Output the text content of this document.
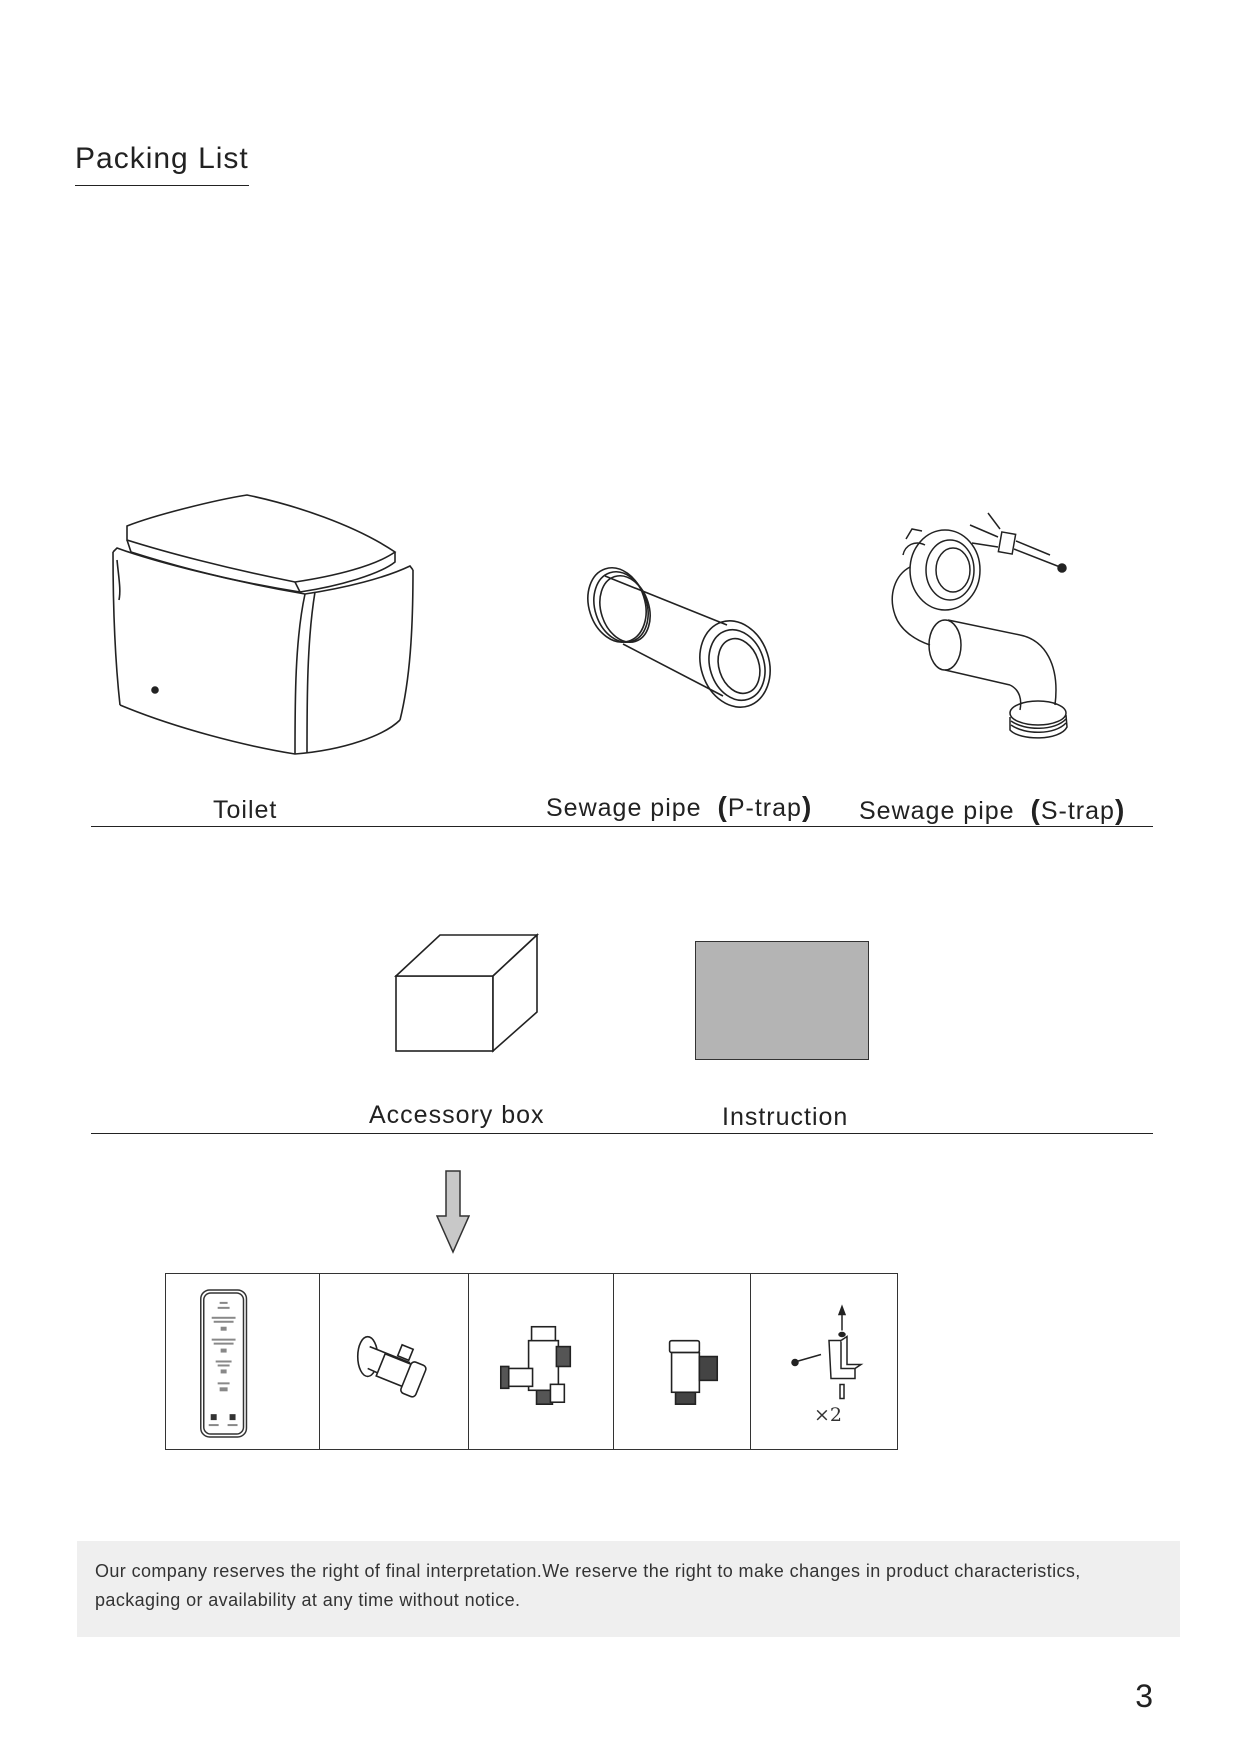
Packing List
Toilet	Sewage pipe (P-trap) Sewage pipe (S-trap)
Accessory box	Instruction
×2
Our company reserves the right of final interpretation.We reserve the right to make changes in product characteristics,
packaging or availability at any time without notice.
3
